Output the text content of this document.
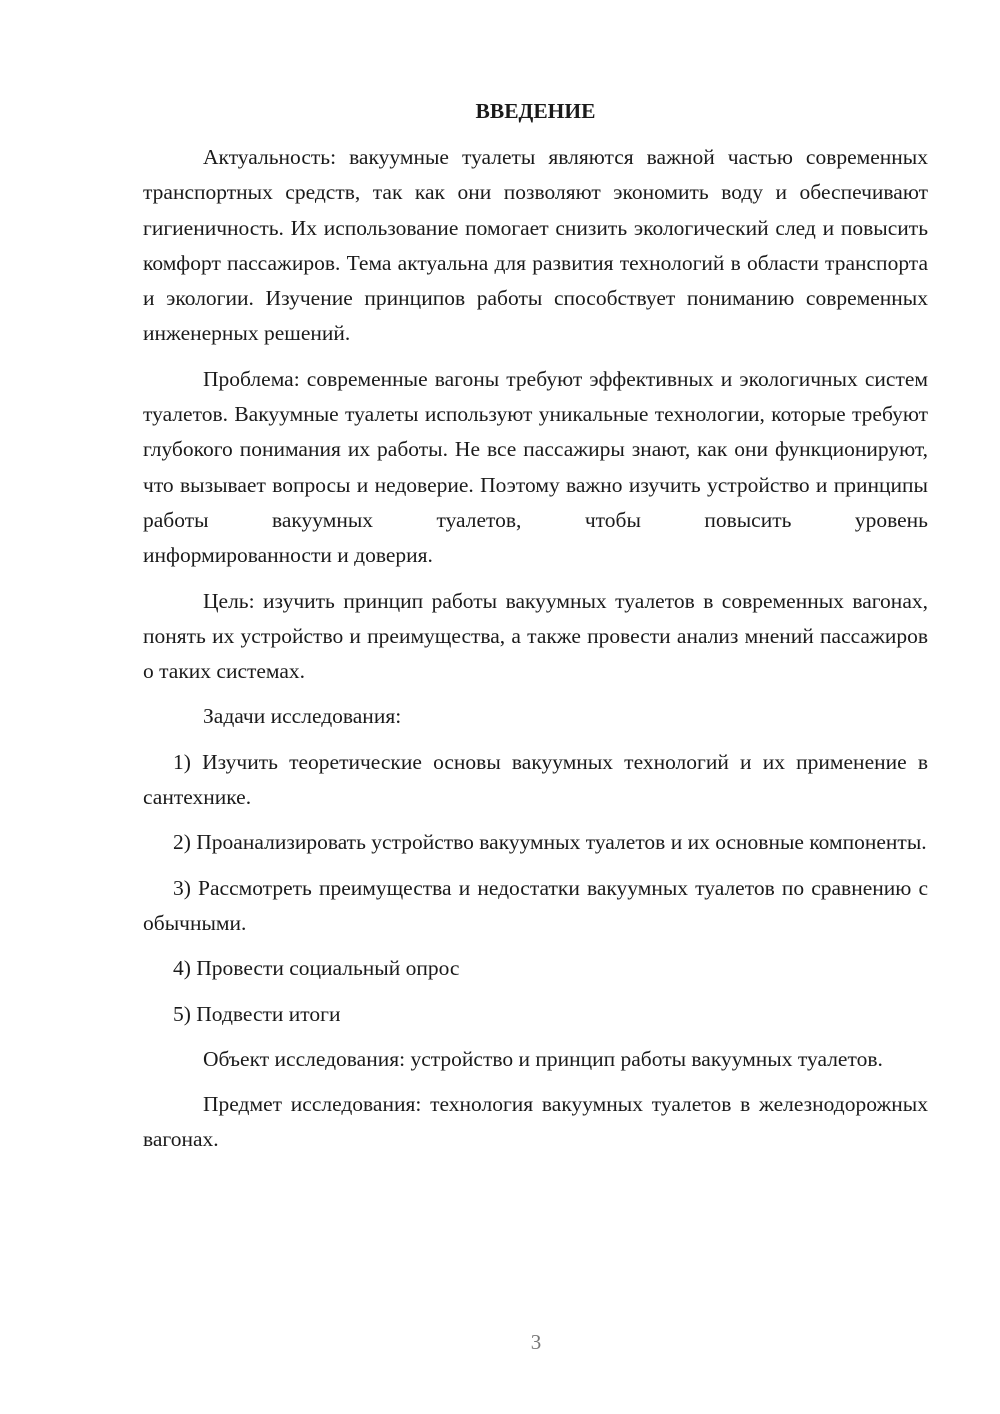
ВВЕДЕНИЕ

Актуальность: вакуумные туалеты являются важной частью современных транспортных средств, так как они позволяют экономить воду и обеспечивают гигиеничность. Их использование помогает снизить экологический след и повысить комфорт пассажиров. Тема актуальна для развития технологий в области транспорта и экологии. Изучение принципов работы способствует пониманию современных инженерных решений.

Проблема: современные вагоны требуют эффективных и экологичных систем туалетов. Вакуумные туалеты используют уникальные технологии, которые требуют глубокого понимания их работы. Не все пассажиры знают, как они функционируют, что вызывает вопросы и недоверие. Поэтому важно изучить устройство и принципы работы вакуумных туалетов, чтобы повысить уровень

информированности и доверия.

Цель: изучить принцип работы вакуумных туалетов в современных вагонах, понять их устройство и преимущества, а также провести анализ мнений пассажиров о таких системах.

Задачи исследования:

1) Изучить теоретические основы вакуумных технологий и их применение в сантехнике.

2) Проанализировать устройство вакуумных туалетов и их основные компоненты.

3) Рассмотреть преимущества и недостатки вакуумных туалетов по сравнению с обычными.

4) Провести социальный опрос

5) Подвести итоги

Объект исследования: устройство и принцип работы вакуумных туалетов.

Предмет исследования: технология вакуумных туалетов в железнодорожных вагонах.

3
